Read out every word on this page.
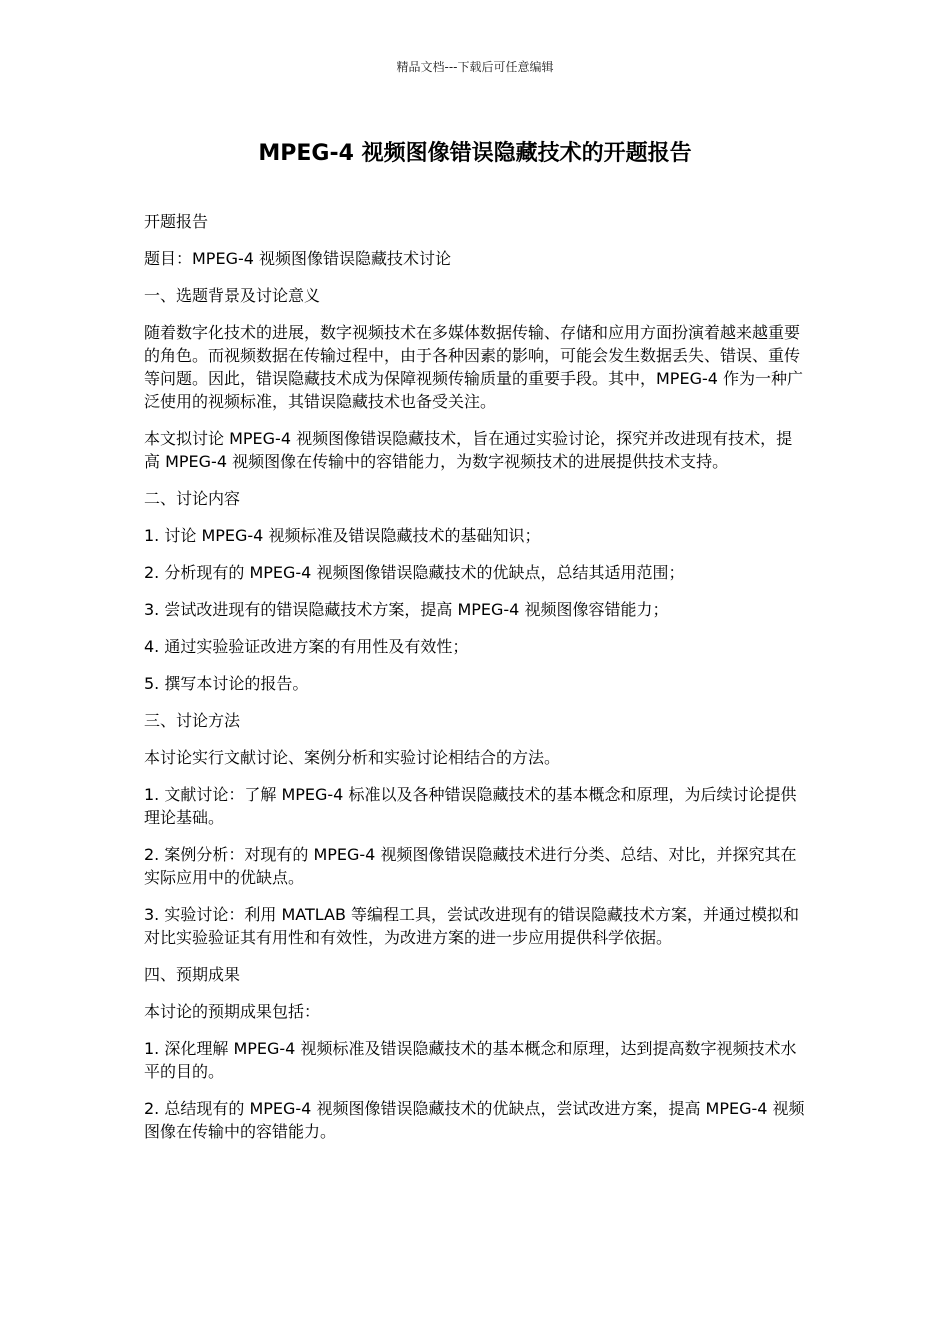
精品文档---下载后可任意编辑
MPEG-4 视频图像错误隐藏技术的开题报告

开题报告

题目：MPEG-4 视频图像错误隐藏技术讨论

一、选题背景及讨论意义

随着数字化技术的进展，数字视频技术在多媒体数据传输、存储和应用方面扮演着越来越重要的角色。而视频数据在传输过程中，由于各种因素的影响，可能会发生数据丢失、错误、重传等问题。因此，错误隐藏技术成为保障视频传输质量的重要手段。其中，MPEG-4 作为一种广泛使用的视频标准，其错误隐藏技术也备受关注。

本文拟讨论 MPEG-4 视频图像错误隐藏技术，旨在通过实验讨论，探究并改进现有技术，提高 MPEG-4 视频图像在传输中的容错能力，为数字视频技术的进展提供技术支持。

二、讨论内容

1. 讨论 MPEG-4 视频标准及错误隐藏技术的基础知识；

2. 分析现有的 MPEG-4 视频图像错误隐藏技术的优缺点，总结其适用范围；

3. 尝试改进现有的错误隐藏技术方案，提高 MPEG-4 视频图像容错能力；

4. 通过实验验证改进方案的有用性及有效性；

5. 撰写本讨论的报告。

三、讨论方法

本讨论实行文献讨论、案例分析和实验讨论相结合的方法。

1. 文献讨论：了解 MPEG-4 标准以及各种错误隐藏技术的基本概念和原理，为后续讨论提供理论基础。

2. 案例分析：对现有的 MPEG-4 视频图像错误隐藏技术进行分类、总结、对比，并探究其在实际应用中的优缺点。

3. 实验讨论：利用 MATLAB 等编程工具，尝试改进现有的错误隐藏技术方案，并通过模拟和对比实验验证其有用性和有效性，为改进方案的进一步应用提供科学依据。

四、预期成果

本讨论的预期成果包括：

1. 深化理解 MPEG-4 视频标准及错误隐藏技术的基本概念和原理，达到提高数字视频技术水平的目的。

2. 总结现有的 MPEG-4 视频图像错误隐藏技术的优缺点，尝试改进方案，提高 MPEG-4 视频图像在传输中的容错能力。
